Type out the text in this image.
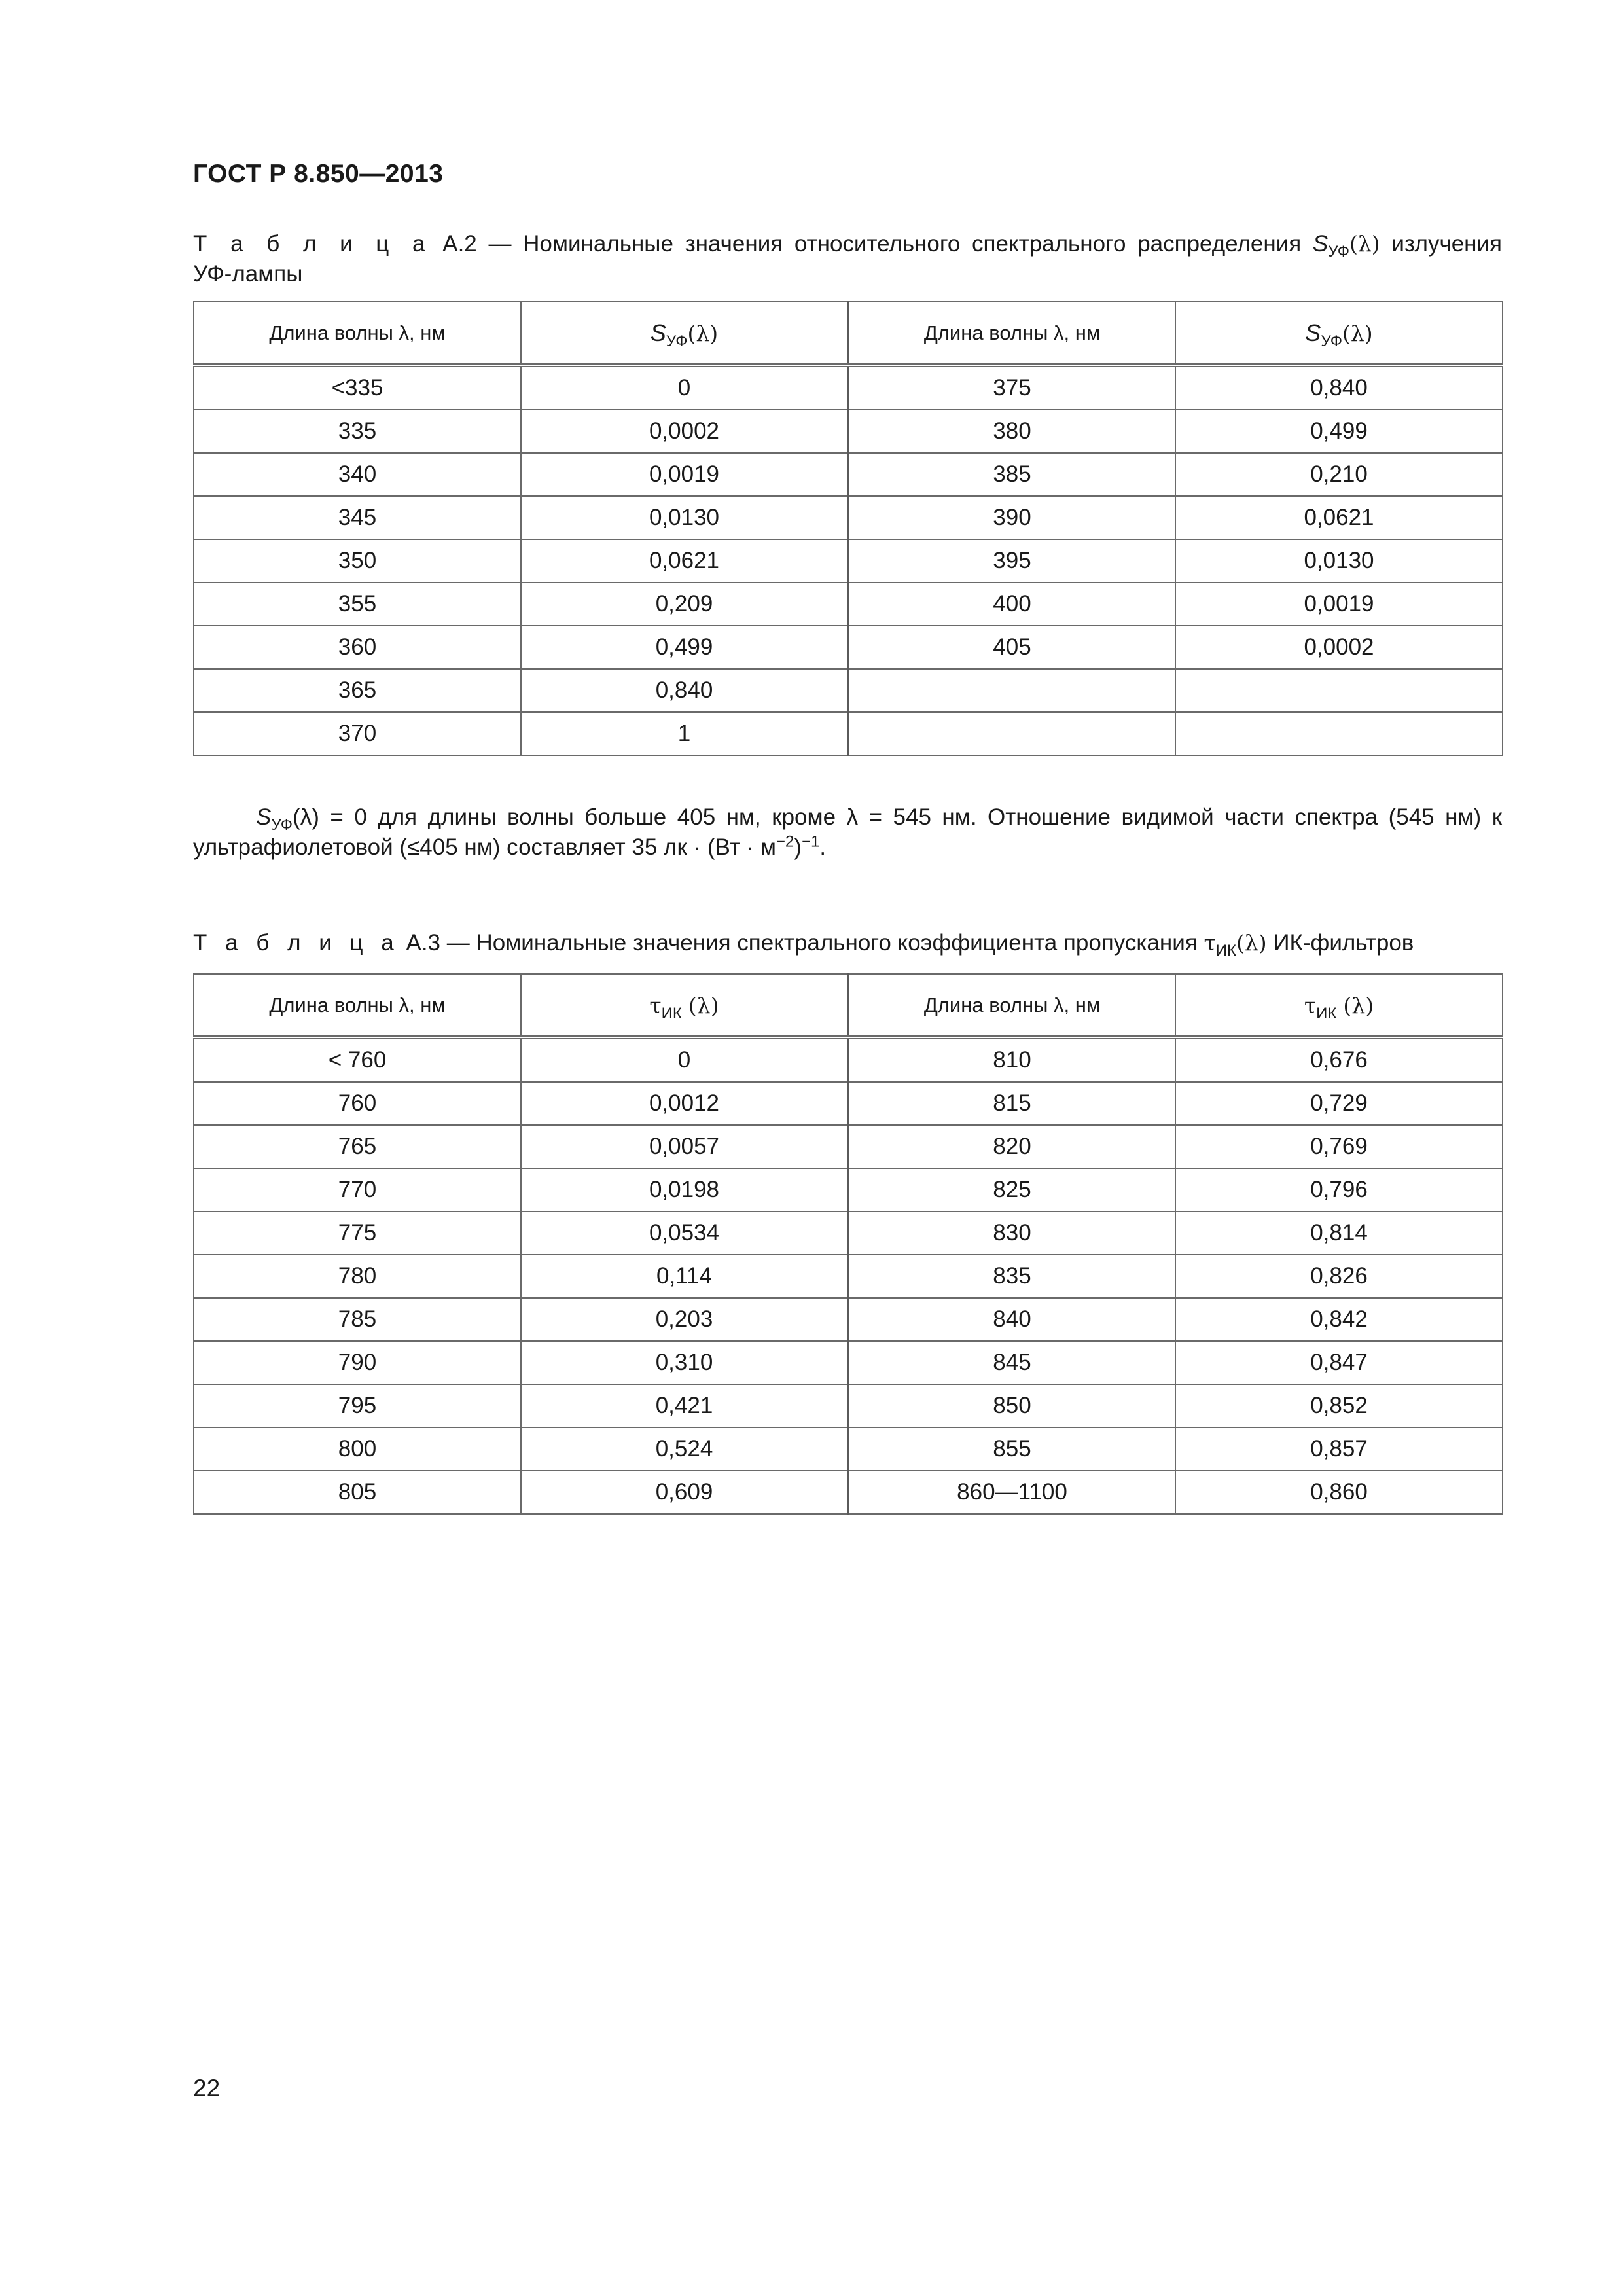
ГОСТ Р 8.850—2013
Т а б л и ц а А.2 — Номинальные значения относительного спектрального распределения $S_{УФ}(\lambda)$ излучения
УФ-лампы
Длина волны λ, нм	$S_{УФ}(\lambda)$	Длина волны λ, нм	$S_{УФ}(\lambda)$
<335	0	375	0,840
335	0,0002	380	0,499
340	0,0019	385	0,210
345	0,0130	390	0,0621
350	0,0621	395	0,0130
355	0,209	400	0,0019
360	0,499	405	0,0002
365	0,840		
370	1		
$S_{УФ}(\lambda) = 0$ для длины волны больше 405 нм, кроме λ = 545 нм. Отношение видимой части спектра (545 нм) к ультрафиолетовой (≤405 нм) составляет 35 лк · $(Вт \cdot м^{-2})^{-1}$.
Т а б л и ц а А.3 — Номинальные значения спектрального коэффициента пропускания $\tau_{ИК}(\lambda)$ ИК-фильтров
Длина волны λ, нм	$\tau_{ИК}$ (λ)	Длина волны λ, нм	$\tau_{ИК}$ (λ)
< 760	0	810	0,676
760	0,0012	815	0,729
765	0,0057	820	0,769
770	0,0198	825	0,796
775	0,0534	830	0,814
780	0,114	835	0,826
785	0,203	840	0,842
790	0,310	845	0,847
795	0,421	850	0,852
800	0,524	855	0,857
805	0,609	860—1100	0,860
22
